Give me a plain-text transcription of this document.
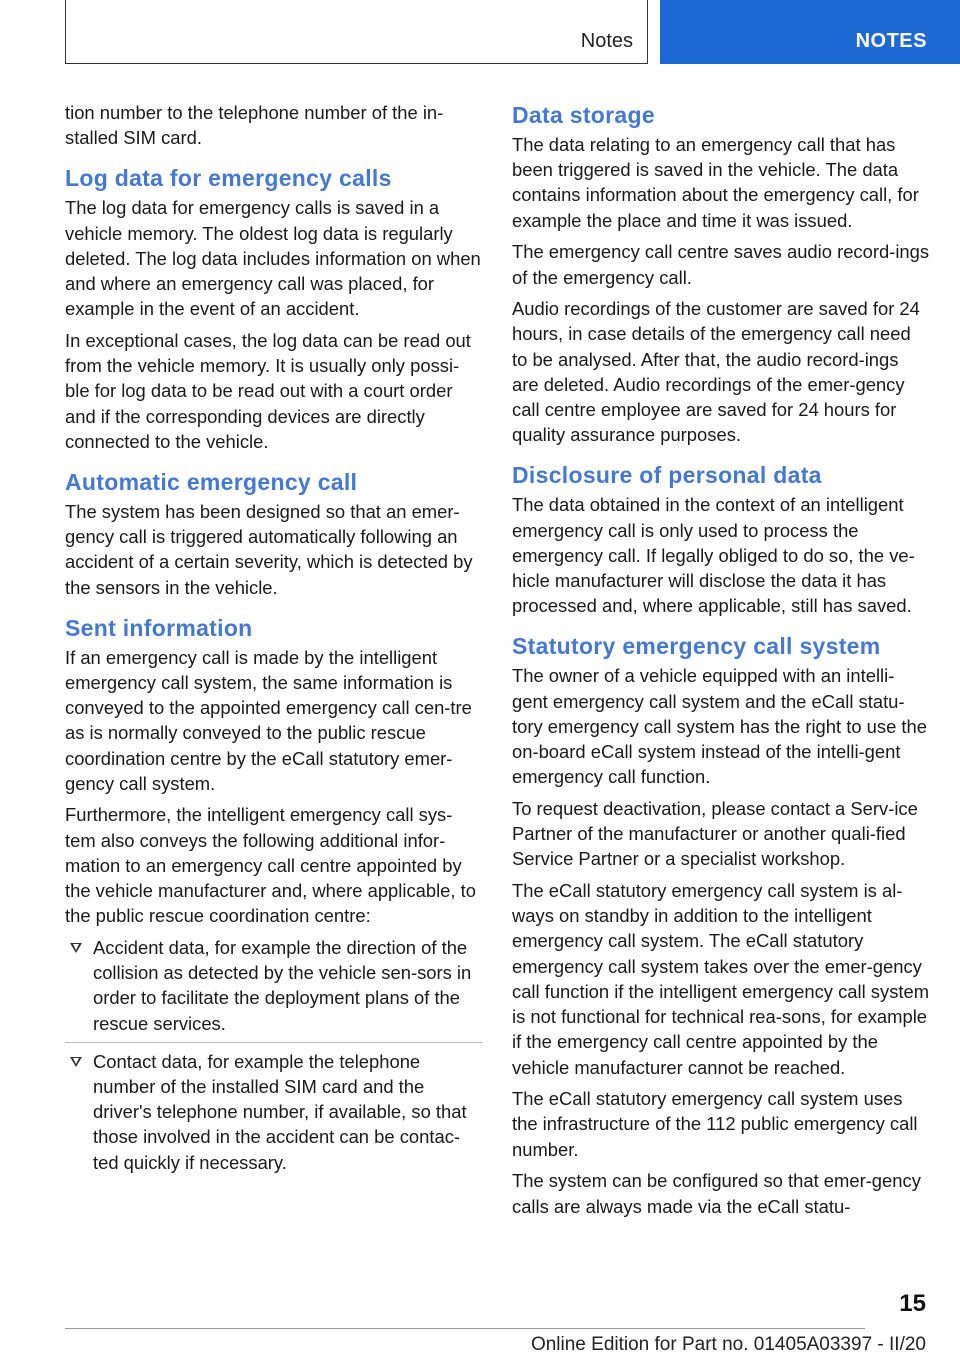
Notes	NOTES

tion number to the telephone number of the in‐stalled SIM card.

Log data for emergency calls

The log data for emergency calls is saved in a vehicle memory. The oldest log data is regularly deleted. The log data includes information on when and where an emergency call was placed, for example in the event of an accident.

In exceptional cases, the log data can be read out from the vehicle memory. It is usually only possi‐ble for log data to be read out with a court order and if the corresponding devices are directly connected to the vehicle.

Automatic emergency call

The system has been designed so that an emer‐gency call is triggered automatically following an accident of a certain severity, which is detected by the sensors in the vehicle.

Sent information

If an emergency call is made by the intelligent emergency call system, the same information is conveyed to the appointed emergency call cen‐tre as is normally conveyed to the public rescue coordination centre by the eCall statutory emer‐gency call system.

Furthermore, the intelligent emergency call sys‐tem also conveys the following additional infor‐mation to an emergency call centre appointed by the vehicle manufacturer and, where applicable, to the public rescue coordination centre:

Accident data, for example the direction of the collision as detected by the vehicle sen‐sors in order to facilitate the deployment plans of the rescue services.
Contact data, for example the telephone number of the installed SIM card and the driver's telephone number, if available, so that those involved in the accident can be contac‐ted quickly if necessary.
Data storage

The data relating to an emergency call that has been triggered is saved in the vehicle. The data contains information about the emergency call, for example the place and time it was issued.

The emergency call centre saves audio record‐ings of the emergency call.

Audio recordings of the customer are saved for 24 hours, in case details of the emergency call need to be analysed. After that, the audio record‐ings are deleted. Audio recordings of the emer‐gency call centre employee are saved for 24 hours for quality assurance purposes.

Disclosure of personal data

The data obtained in the context of an intelligent emergency call is only used to process the emergency call. If legally obliged to do so, the ve‐hicle manufacturer will disclose the data it has processed and, where applicable, still has saved.

Statutory emergency call system

The owner of a vehicle equipped with an intelli‐gent emergency call system and the eCall statu‐tory emergency call system has the right to use the on-board eCall system instead of the intelli‐gent emergency call function.

To request deactivation, please contact a Serv‐ice Partner of the manufacturer or another quali‐fied Service Partner or a specialist workshop.

The eCall statutory emergency call system is al‐ways on standby in addition to the intelligent emergency call system. The eCall statutory emergency call system takes over the emer‐gency call function if the intelligent emergency call system is not functional for technical rea‐sons, for example if the emergency call centre appointed by the vehicle manufacturer cannot be reached.

The eCall statutory emergency call system uses the infrastructure of the 112 public emergency call number.

The system can be configured so that emer‐gency calls are always made via the eCall statu‐

15
Online Edition for Part no. 01405A03397 - II/20
